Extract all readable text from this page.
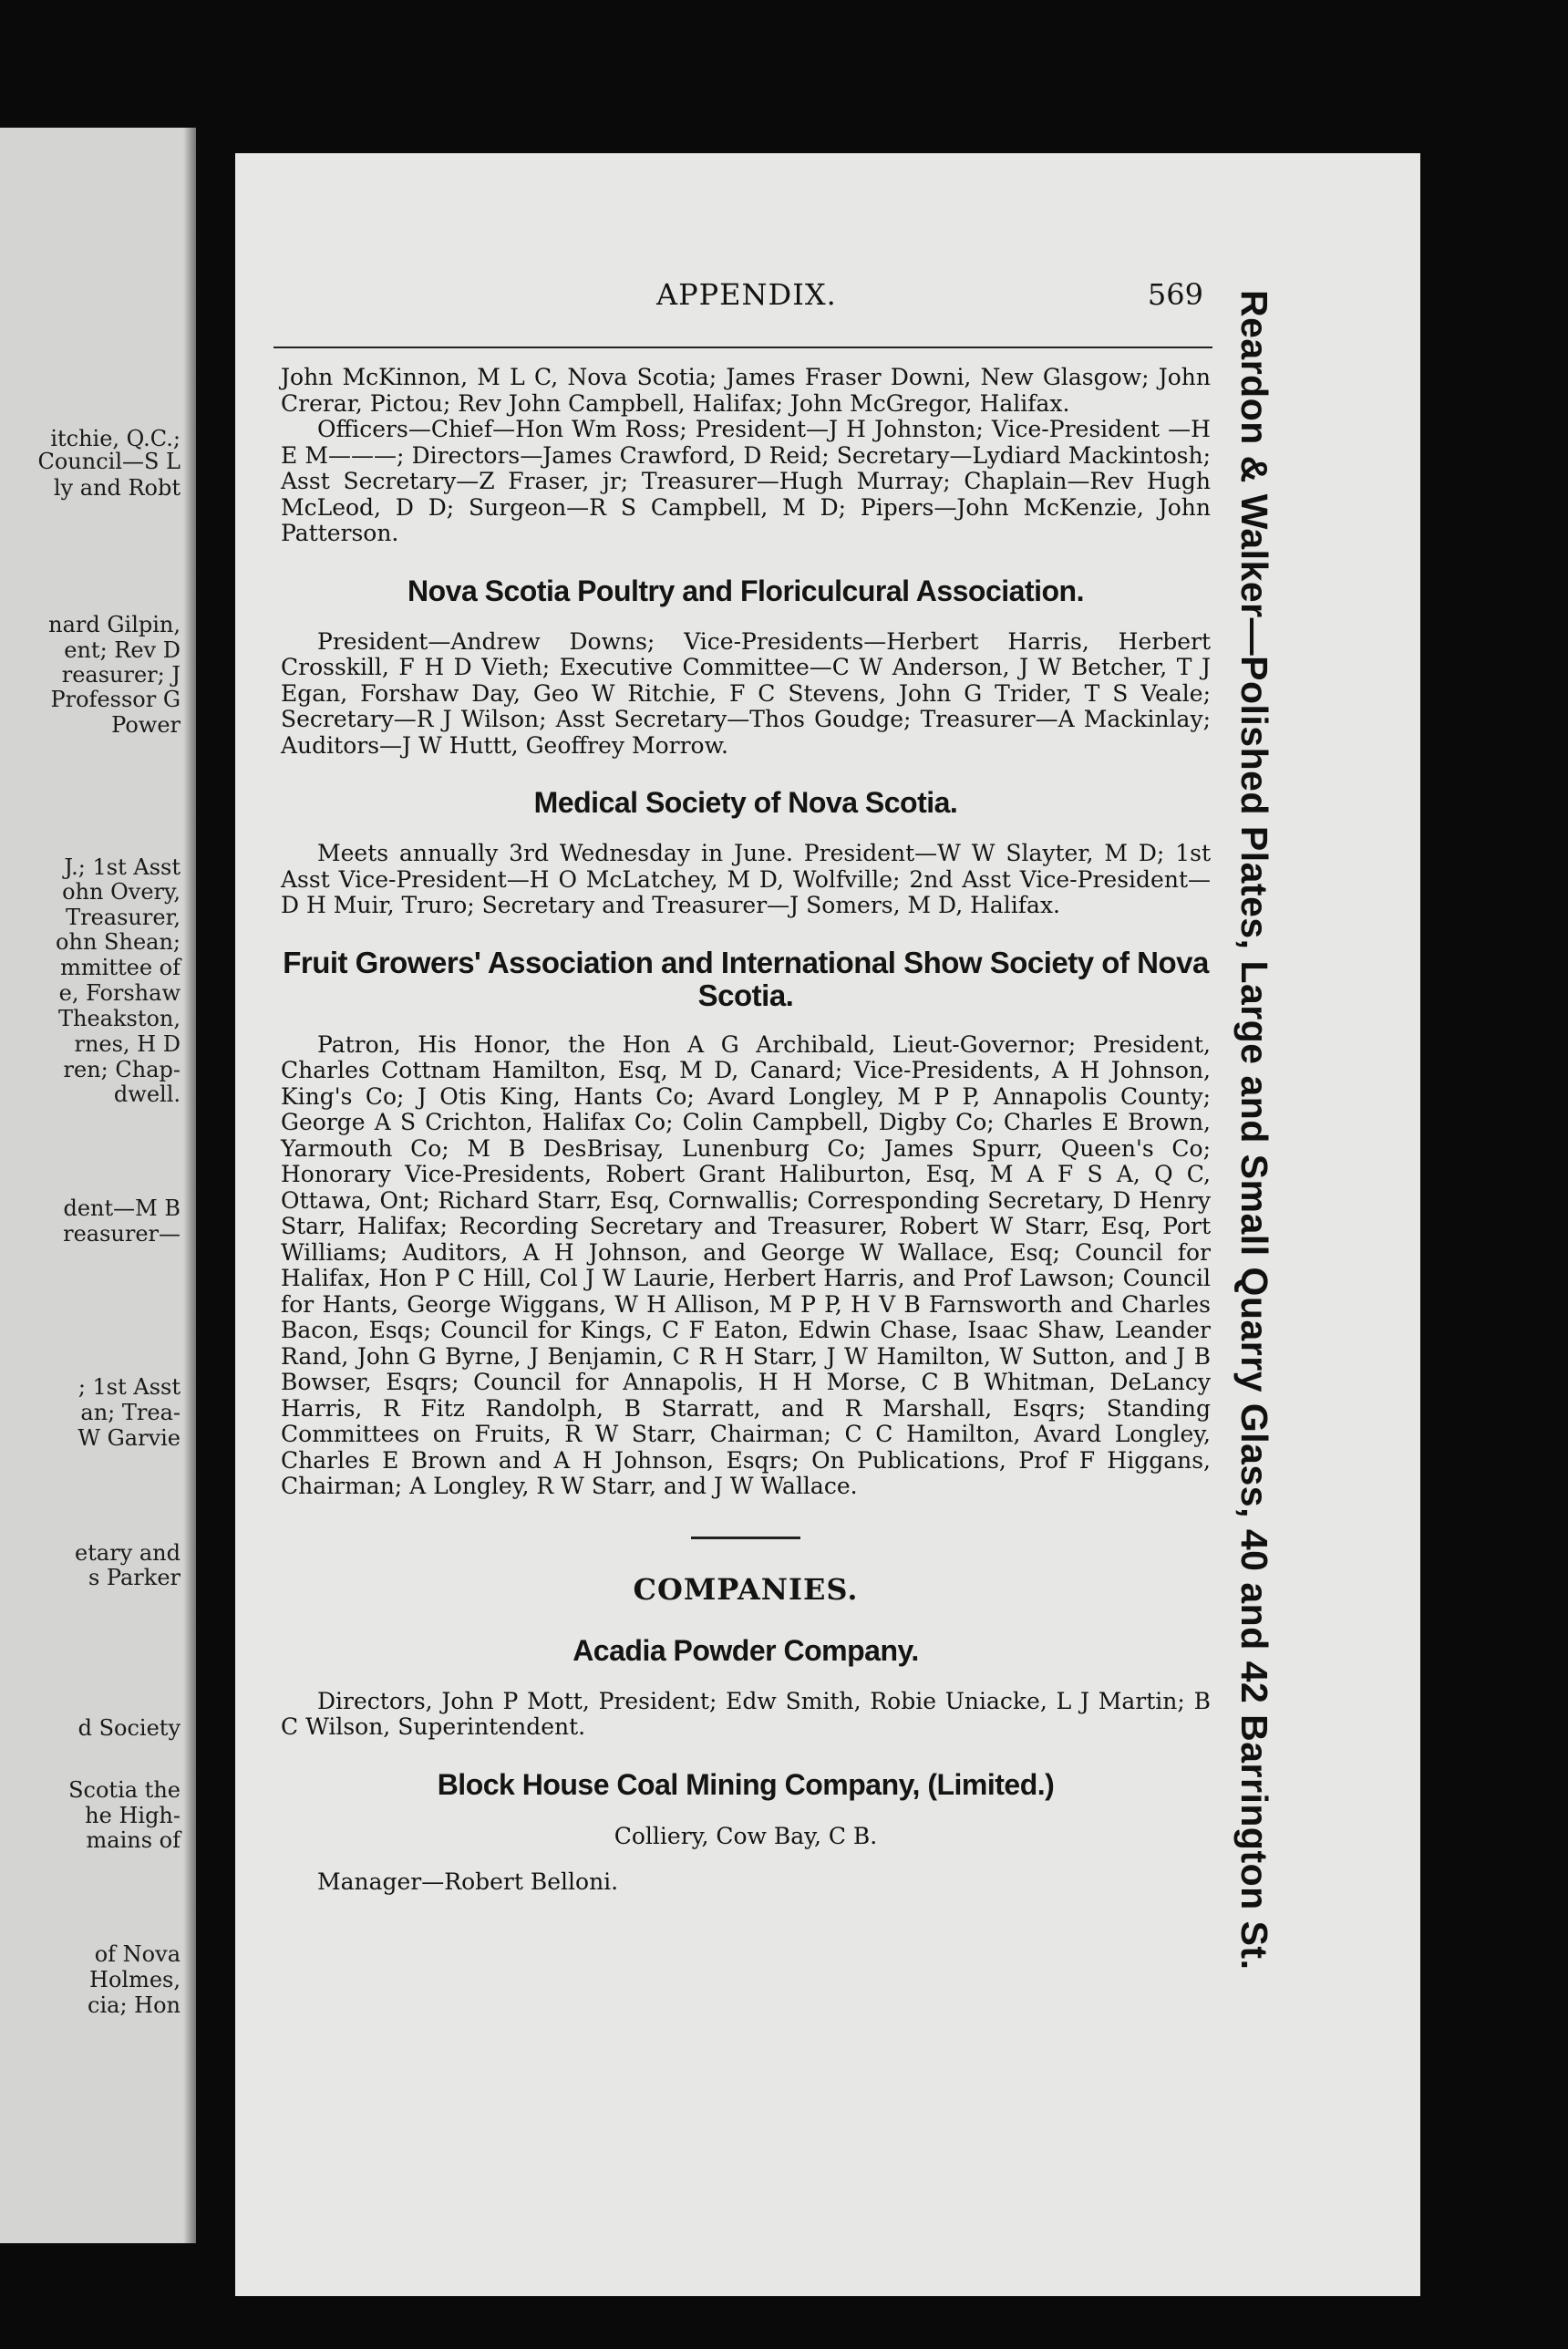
itchie, Q.C.;
Council—S L
ly and Robt
nard Gilpin,
ent; Rev D
reasurer; J
Professor G
Power
J.; 1st Asst
ohn Overy,
Treasurer,
ohn Shean;
mmittee of
e, Forshaw
Theakston,
rnes, H D
ren; Chap-
dwell.
dent—M B
reasurer—
; 1st Asst
an; Trea-
W Garvie
etary and
s Parker
d Society
Scotia the
he High-
mains of
of Nova
Holmes,
cia; Hon
APPENDIX.	569

John McKinnon, M L C, Nova Scotia; James Fraser Downi, New Glasgow; John Crerar, Pictou; Rev John Campbell, Halifax; John McGregor, Halifax.

Officers—Chief—Hon Wm Ross; President—J H Johnston; Vice-President —H E M———; Directors—James Crawford, D Reid; Secretary—Lydiard Mackintosh; Asst Secretary—Z Fraser, jr; Treasurer—Hugh Murray; Chaplain—Rev Hugh McLeod, D D; Surgeon—R S Campbell, M D; Pipers—John McKenzie, John Patterson.

Nova Scotia Poultry and Floriculcural Association.

President—Andrew Downs; Vice-Presidents—Herbert Harris, Herbert Crosskill, F H D Vieth; Executive Committee—C W Anderson, J W Betcher, T J Egan, Forshaw Day, Geo W Ritchie, F C Stevens, John G Trider, T S Veale; Secretary—R J Wilson; Asst Secretary—Thos Goudge; Treasurer—A Mackinlay; Auditors—J W Huttt, Geoffrey Morrow.

Medical Society of Nova Scotia.

Meets annually 3rd Wednesday in June. President—W W Slayter, M D; 1st Asst Vice-President—H O McLatchey, M D, Wolfville; 2nd Asst Vice-President—D H Muir, Truro; Secretary and Treasurer—J Somers, M D, Halifax.

Fruit Growers' Association and International Show Society of Nova Scotia.

Patron, His Honor, the Hon A G Archibald, Lieut-Governor; President, Charles Cottnam Hamilton, Esq, M D, Canard; Vice-Presidents, A H Johnson, King's Co; J Otis King, Hants Co; Avard Longley, M P P, Annapolis County; George A S Crichton, Halifax Co; Colin Campbell, Digby Co; Charles E Brown, Yarmouth Co; M B DesBrisay, Lunenburg Co; James Spurr, Queen's Co; Honorary Vice-Presidents, Robert Grant Haliburton, Esq, M A F S A, Q C, Ottawa, Ont; Richard Starr, Esq, Cornwallis; Corresponding Secretary, D Henry Starr, Halifax; Recording Secretary and Treasurer, Robert W Starr, Esq, Port Williams; Auditors, A H Johnson, and George W Wallace, Esq; Council for Halifax, Hon P C Hill, Col J W Laurie, Herbert Harris, and Prof Lawson; Council for Hants, George Wiggans, W H Allison, M P P, H V B Farnsworth and Charles Bacon, Esqs; Council for Kings, C F Eaton, Edwin Chase, Isaac Shaw, Leander Rand, John G Byrne, J Benjamin, C R H Starr, J W Hamilton, W Sutton, and J B Bowser, Esqrs; Council for Annapolis, H H Morse, C B Whitman, DeLancy Harris, R Fitz Randolph, B Starratt, and R Marshall, Esqrs; Standing Committees on Fruits, R W Starr, Chairman; C C Hamilton, Avard Longley, Charles E Brown and A H Johnson, Esqrs; On Publications, Prof F Higgans, Chairman; A Longley, R W Starr, and J W Wallace.

COMPANIES.
Acadia Powder Company.

Directors, John P Mott, President; Edw Smith, Robie Uniacke, L J Martin; B C Wilson, Superintendent.

Block House Coal Mining Company, (Limited.)

Colliery, Cow Bay, C B.

Manager—Robert Belloni.	Reardon & Walker—Polished Plates, Large and Small Quarry Glass, 40 and 42 Barrington St.
